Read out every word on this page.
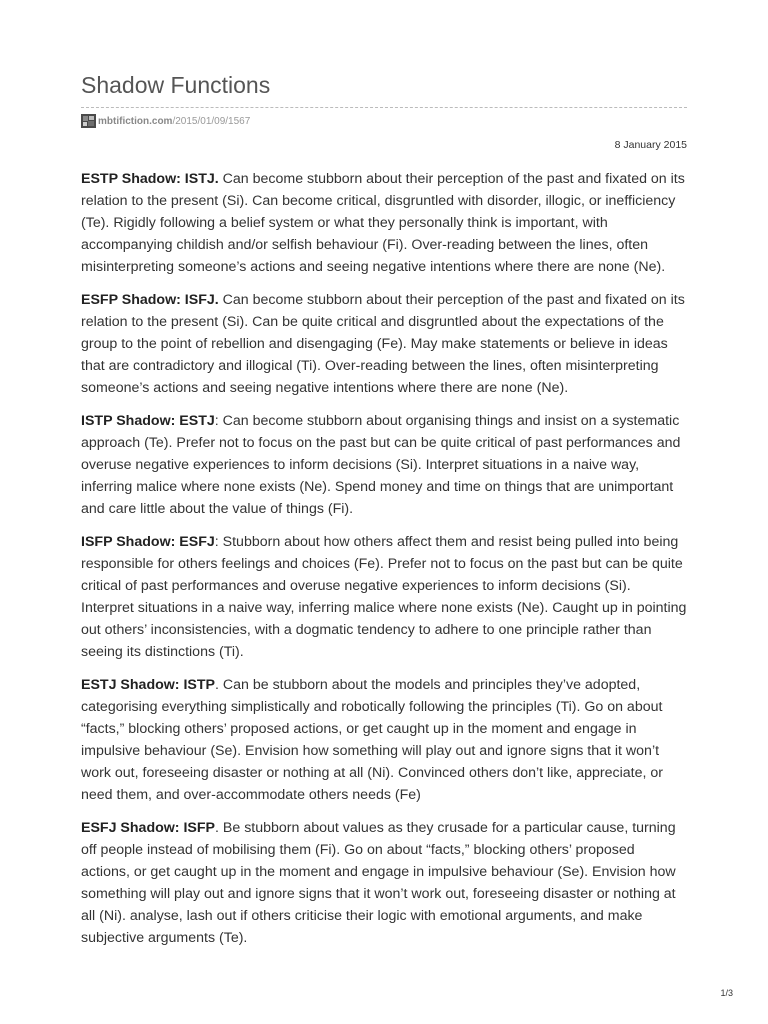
Shadow Functions
mbtifiction.com /2015/01/09/1567
8 January 2015

ESTP Shadow: ISTJ. Can become stubborn about their perception of the past and fixated on its relation to the present (Si). Can become critical, disgruntled with disorder, illogic, or inefficiency (Te). Rigidly following a belief system or what they personally think is important, with accompanying childish and/or selfish behaviour (Fi). Over-reading between the lines, often misinterpreting someone’s actions and seeing negative intentions where there are none (Ne).

ESFP Shadow: ISFJ. Can become stubborn about their perception of the past and fixated on its relation to the present (Si). Can be quite critical and disgruntled about the expectations of the group to the point of rebellion and disengaging (Fe). May make statements or believe in ideas that are contradictory and illogical (Ti). Over-reading between the lines, often misinterpreting someone’s actions and seeing negative intentions where there are none (Ne).

ISTP Shadow: ESTJ: Can become stubborn about organising things and insist on a systematic approach (Te). Prefer not to focus on the past but can be quite critical of past performances and overuse negative experiences to inform decisions (Si). Interpret situations in a naive way, inferring malice where none exists (Ne). Spend money and time on things that are unimportant and care little about the value of things (Fi).

ISFP Shadow: ESFJ: Stubborn about how others affect them and resist being pulled into being responsible for others feelings and choices (Fe). Prefer not to focus on the past but can be quite critical of past performances and overuse negative experiences to inform decisions (Si). Interpret situations in a naive way, inferring malice where none exists (Ne). Caught up in pointing out others’ inconsistencies, with a dogmatic tendency to adhere to one principle rather than seeing its distinctions (Ti).

ESTJ Shadow: ISTP. Can be stubborn about the models and principles they’ve adopted, categorising everything simplistically and robotically following the principles (Ti). Go on about “facts,” blocking others’ proposed actions, or get caught up in the moment and engage in impulsive behaviour (Se). Envision how something will play out and ignore signs that it won’t work out, foreseeing disaster or nothing at all (Ni). Convinced others don’t like, appreciate, or need them, and over-accommodate others needs (Fe)

ESFJ Shadow: ISFP. Be stubborn about values as they crusade for a particular cause, turning off people instead of mobilising them (Fi). Go on about “facts,” blocking others’ proposed actions, or get caught up in the moment and engage in impulsive behaviour (Se). Envision how something will play out and ignore signs that it won’t work out, foreseeing disaster or nothing at all (Ni). analyse, lash out if others criticise their logic with emotional arguments, and make subjective arguments (Te).

1/3
